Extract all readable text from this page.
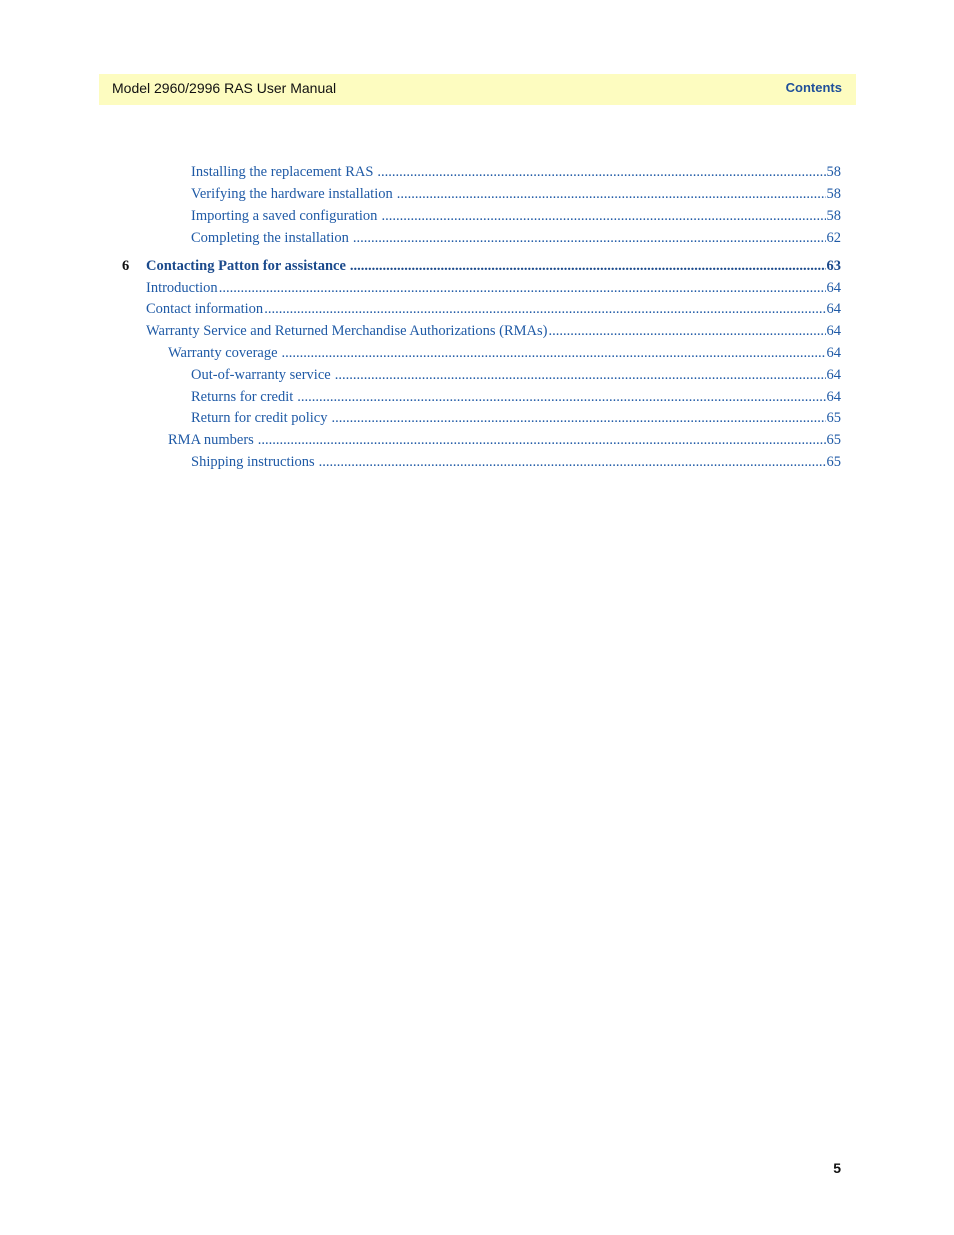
Model 2960/2996 RAS User Manual	Contents
Installing the replacement RAS .....	58
Verifying the hardware installation .....	58
Importing a saved configuration .....	58
Completing the installation .....	62
6 Contacting Patton for assistance .....	63
Introduction .....	64
Contact information .....	64
Warranty Service and Returned Merchandise Authorizations (RMAs) .....	64
Warranty coverage .....	64
Out-of-warranty service .....	64
Returns for credit .....	64
Return for credit policy .....	65
RMA numbers .....	65
Shipping instructions .....	65
5
